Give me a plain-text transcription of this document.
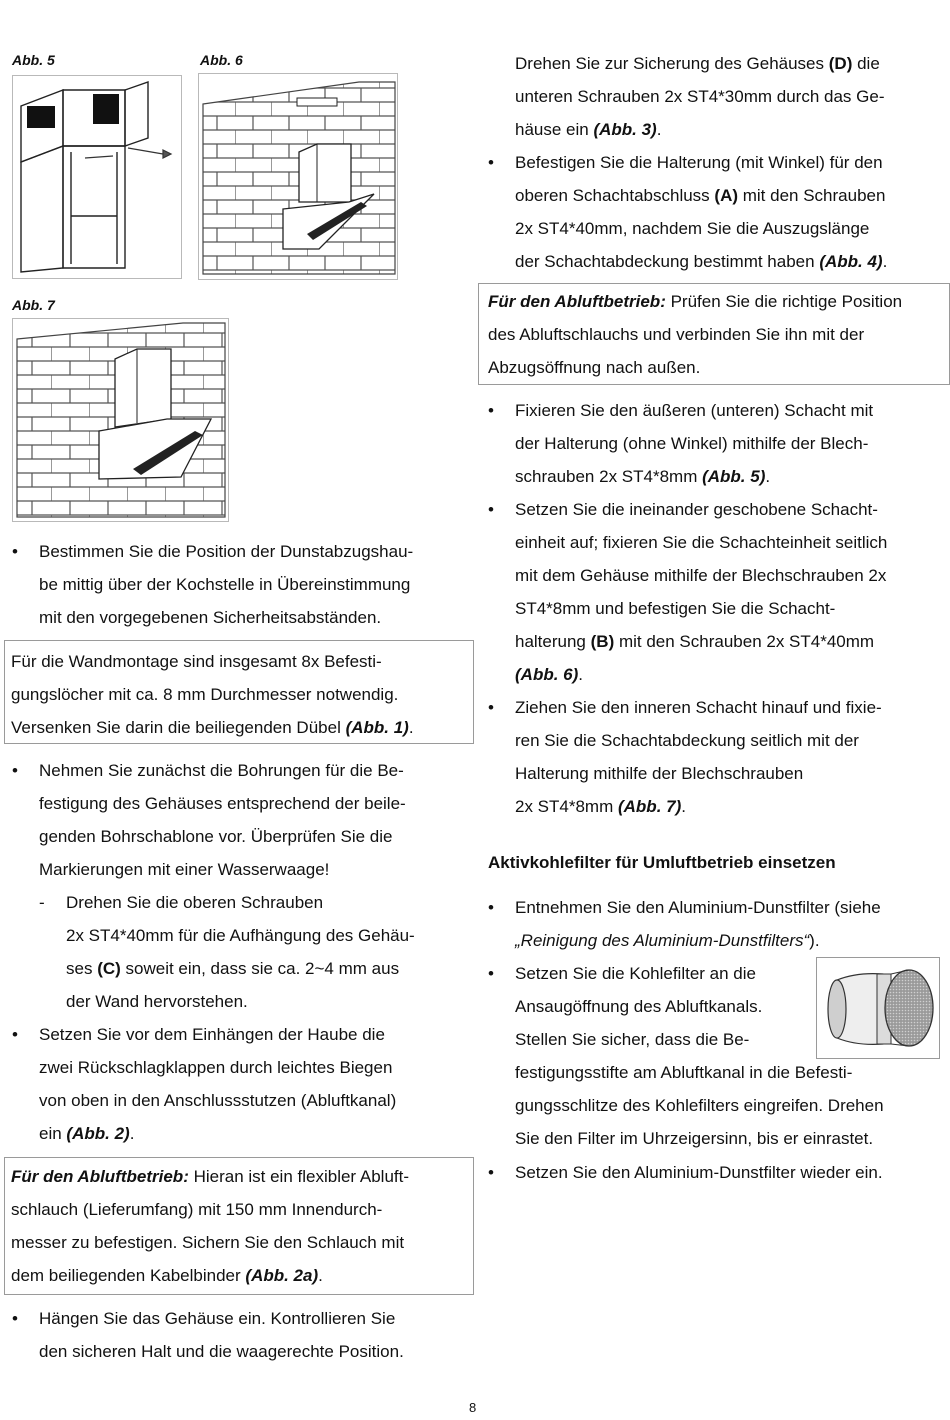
Abb. 5	Abb. 6
Abb. 7
• Bestimmen Sie die Position der Dunstabzugshau-
be mittig über der Kochstelle in Übereinstimmung
mit den vorgegebenen Sicherheitsabständen.
Für die Wandmontage sind insgesamt 8x Befesti-
gungslöcher mit ca. 8 mm Durchmesser notwendig.
Versenken Sie darin die beiliegenden Dübel (Abb. 1).
• Nehmen Sie zunächst die Bohrungen für die Be-
festigung des Gehäuses entsprechend der beile-
genden Bohrschablone vor. Überprüfen Sie die
Markierungen mit einer Wasserwaage!
- Drehen Sie die oberen Schrauben
2x ST4*40mm für die Aufhängung des Gehäu-
ses (C) soweit ein, dass sie ca. 2~4 mm aus
der Wand hervorstehen.
• Setzen Sie vor dem Einhängen der Haube die
zwei Rückschlagklappen durch leichtes Biegen
von oben in den Anschlussstutzen (Abluftkanal)
ein (Abb. 2).
Für den Abluftbetrieb: Hieran ist ein flexibler Abluft-
schlauch (Lieferumfang) mit 150 mm Innendurch-
messer zu befestigen. Sichern Sie den Schlauch mit
dem beiliegenden Kabelbinder (Abb. 2a).
• Hängen Sie das Gehäuse ein. Kontrollieren Sie
den sicheren Halt und die waagerechte Position.
Drehen Sie zur Sicherung des Gehäuses (D) die
unteren Schrauben 2x ST4*30mm durch das Ge-
häuse ein (Abb. 3).
• Befestigen Sie die Halterung (mit Winkel) für den
oberen Schachtabschluss (A) mit den Schrauben
2x ST4*40mm, nachdem Sie die Auszugslänge
der Schachtabdeckung bestimmt haben (Abb. 4).
Für den Abluftbetrieb: Prüfen Sie die richtige Position
des Abluftschlauchs und verbinden Sie ihn mit der
Abzugsöffnung nach außen.
• Fixieren Sie den äußeren (unteren) Schacht mit
der Halterung (ohne Winkel) mithilfe der Blech-
schrauben 2x ST4*8mm (Abb. 5).
• Setzen Sie die ineinander geschobene Schacht-
einheit auf; fixieren Sie die Schachteinheit seitlich
mit dem Gehäuse mithilfe der Blechschrauben 2x
ST4*8mm und befestigen Sie die Schacht-
halterung (B) mit den Schrauben 2x ST4*40mm
(Abb. 6).
• Ziehen Sie den inneren Schacht hinauf und fixie-
ren Sie die Schachtabdeckung seitlich mit der
Halterung mithilfe der Blechschrauben
2x ST4*8mm (Abb. 7).
Aktivkohlefilter für Umluftbetrieb einsetzen
• Entnehmen Sie den Aluminium-Dunstfilter (siehe
„Reinigung des Aluminium-Dunstfilters“).
• Setzen Sie die Kohlefilter an die
Ansaugöffnung des Abluftkanals.
Stellen Sie sicher, dass die Be-
festigungsstifte am Abluftkanal in die Befesti-
gungsschlitze des Kohlefilters eingreifen. Drehen
Sie den Filter im Uhrzeigersinn, bis er einrastet.
• Setzen Sie den Aluminium-Dunstfilter wieder ein.
8
